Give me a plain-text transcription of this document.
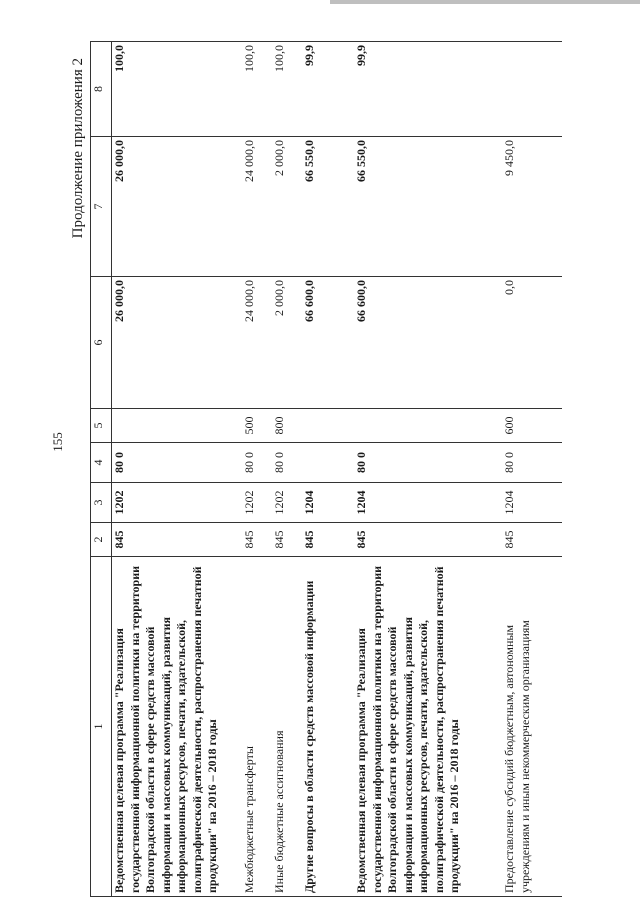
155
Продолжение приложения 2
1	2	3	4	5	6	7	8
Ведомственная целевая программа "Реализация государственной информационной политики на территории Волгоградской области в сфере средств массовой информации и массовых коммуникаций, развития информационных ресурсов, печати, издательской, полиграфической деятельности, распространения печатной продукции" на 2016 – 2018 годы	845	1202	80 0		26 000,0	26 000,0	100,0
Межбюджетные трансферты	845	1202	80 0	500	24 000,0	24 000,0	100,0
Иные бюджетные ассигнования	845	1202	80 0	800	2 000,0	2 000,0	100,0
Другие вопросы в области средств массовой информации	845	1204			66 600,0	66 550,0	99,9
Ведомственная целевая программа "Реализация государственной информационной политики на территории Волгоградской области в сфере средств массовой информации и массовых коммуникаций, развития информационных ресурсов, печати, издательской, полиграфической деятельности, распространения печатной продукции" на 2016 – 2018 годы	845	1204	80 0		66 600,0	66 550,0	99,9
Предоставление субсидий бюджетным, автономным учреждениям и иным некоммерческим организациям	845	1204	80 0	600	0,0	9 450,0	
